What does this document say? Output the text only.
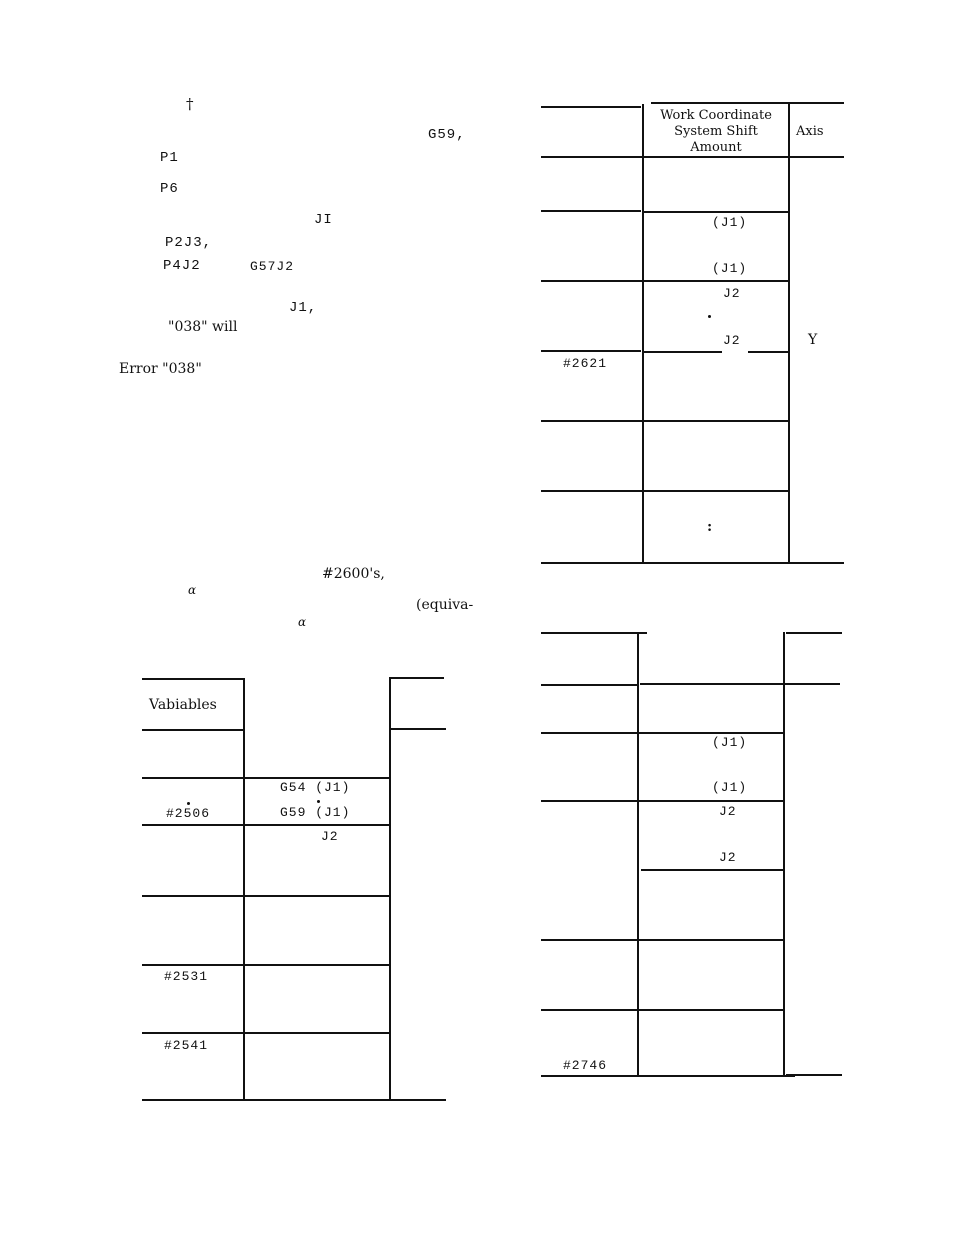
†
G59,
P1
P6
JI
P2J3,
P4J2	G57J2
J1,
"038" will
Error "038"
#2600's,
α
(equiva-
α
Vabiables
G54 (J1)
G59 (J1)
#2506
J2
#2531
#2541
Work Coordinate
System Shift
Amount
Axis
(J1)
(J1)
J2
J2	Y
#2621
:
(J1)
(J1)
J2
J2
#2746
